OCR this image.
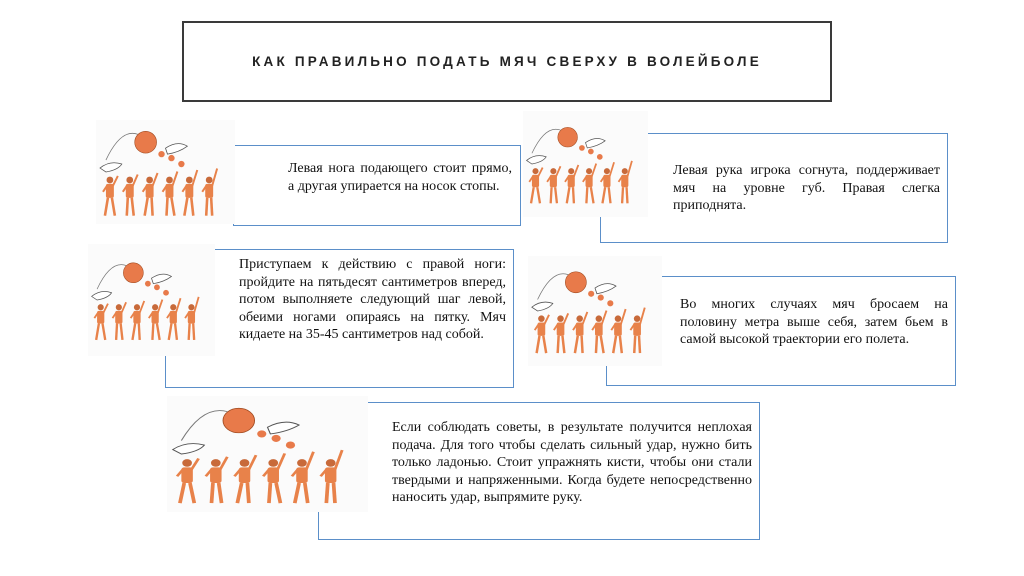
КАК ПРАВИЛЬНО ПОДАТЬ МЯЧ СВЕРХУ В ВОЛЕЙБОЛЕ
Левая нога подающего стоит прямо, а другая упирается на носок стопы.
Левая рука игрока согнута, поддерживает мяч на уровне губ. Правая слегка приподнята.
Приступаем к действию с правой ноги: пройдите на пятьдесят сантиметров вперед, потом выполняете следующий шаг левой, обеими ногами опираясь на пятку. Мяч кидаете на 35-45 сантиметров над собой.
Во многих случаях мяч бросаем на половину метра выше себя, затем бьем в самой высокой траектории его полета.
Если соблюдать советы, в результате получится неплохая подача. Для того чтобы сделать сильный удар, нужно бить только ладонью. Стоит упражнять кисти, чтобы они стали твердыми и напряженными. Когда будете непосредственно наносить удар, выпрямите руку.
